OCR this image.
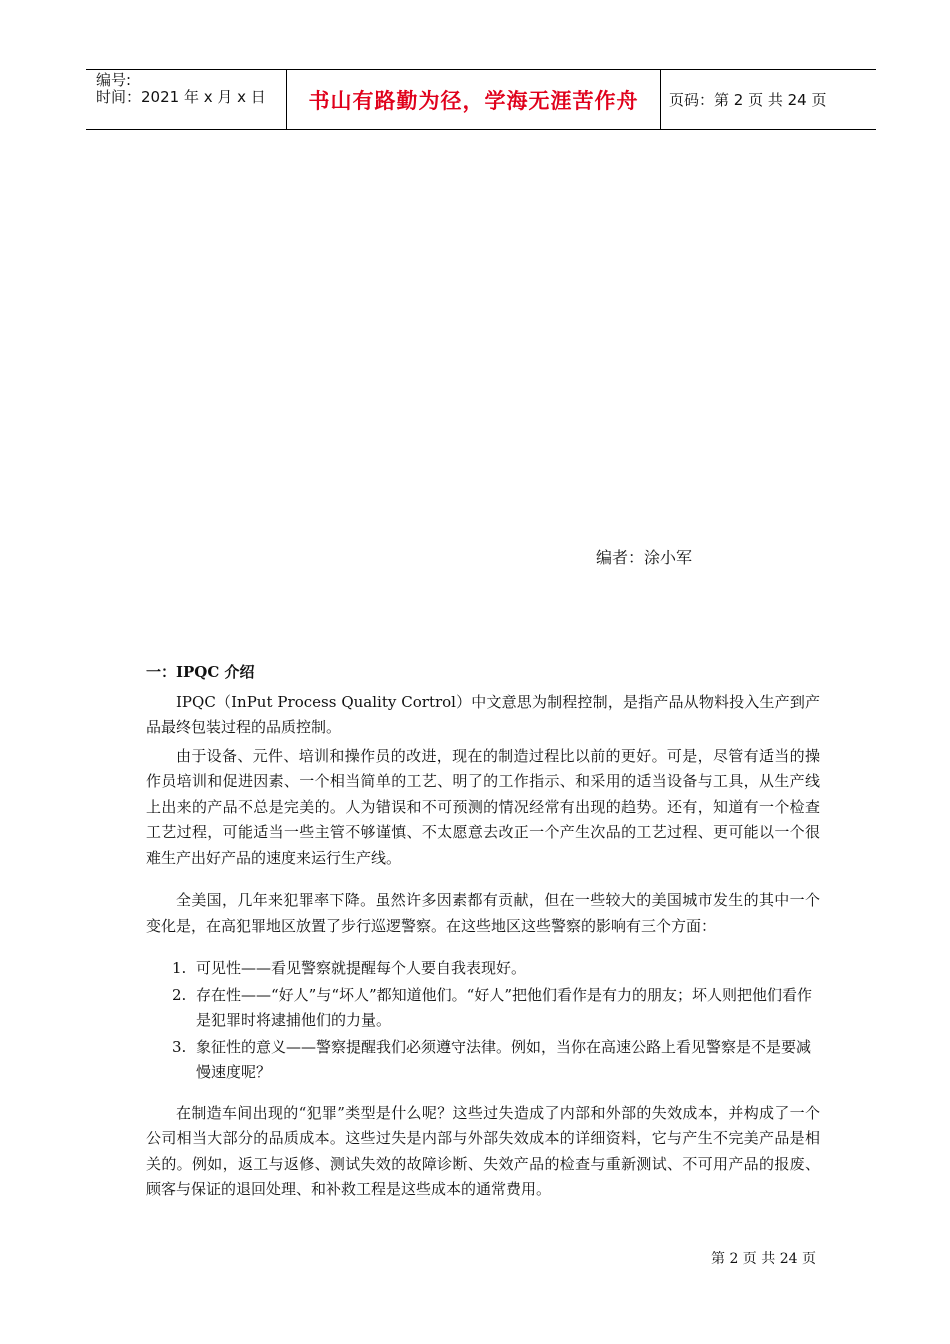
编号:
时间：2021 年 x 月 x 日	书山有路勤为径，学海无涯苦作舟	页码：第 2 页 共 24 页
编者：涂小军
一：IPQC 介绍

IPQC（InPut Process Quality Cortrol）中文意思为制程控制，是指产品从物料投入生产到产品最终包装过程的品质控制。

由于设备、元件、培训和操作员的改进，现在的制造过程比以前的更好。可是，尽管有适当的操作员培训和促进因素、一个相当简单的工艺、明了的工作指示、和采用的适当设备与工具，从生产线上出来的产品不总是完美的。人为错误和不可预测的情况经常有出现的趋势。还有，知道有一个检查工艺过程，可能适当一些主管不够谨慎、不太愿意去改正一个产生次品的工艺过程、更可能以一个很难生产出好产品的速度来运行生产线。

全美国，几年来犯罪率下降。虽然许多因素都有贡献，但在一些较大的美国城市发生的其中一个变化是，在高犯罪地区放置了步行巡逻警察。在这些地区这些警察的影响有三个方面：

1. 可见性——看见警察就提醒每个人要自我表现好。
2. 存在性——“好人”与“坏人”都知道他们。“好人”把他们看作是有力的朋友；坏人则把他们看作是犯罪时将逮捕他们的力量。
3. 象征性的意义——警察提醒我们必须遵守法律。例如，当你在高速公路上看见警察是不是要减慢速度呢？

在制造车间出现的“犯罪”类型是什么呢？这些过失造成了内部和外部的失效成本，并构成了一个公司相当大部分的品质成本。这些过失是内部与外部失效成本的详细资料，它与产生不完美产品是相关的。例如，返工与返修、测试失效的故障诊断、失效产品的检查与重新测试、不可用产品的报废、顾客与保证的退回处理、和补救工程是这些成本的通常费用。

第 2 页 共 24 页
